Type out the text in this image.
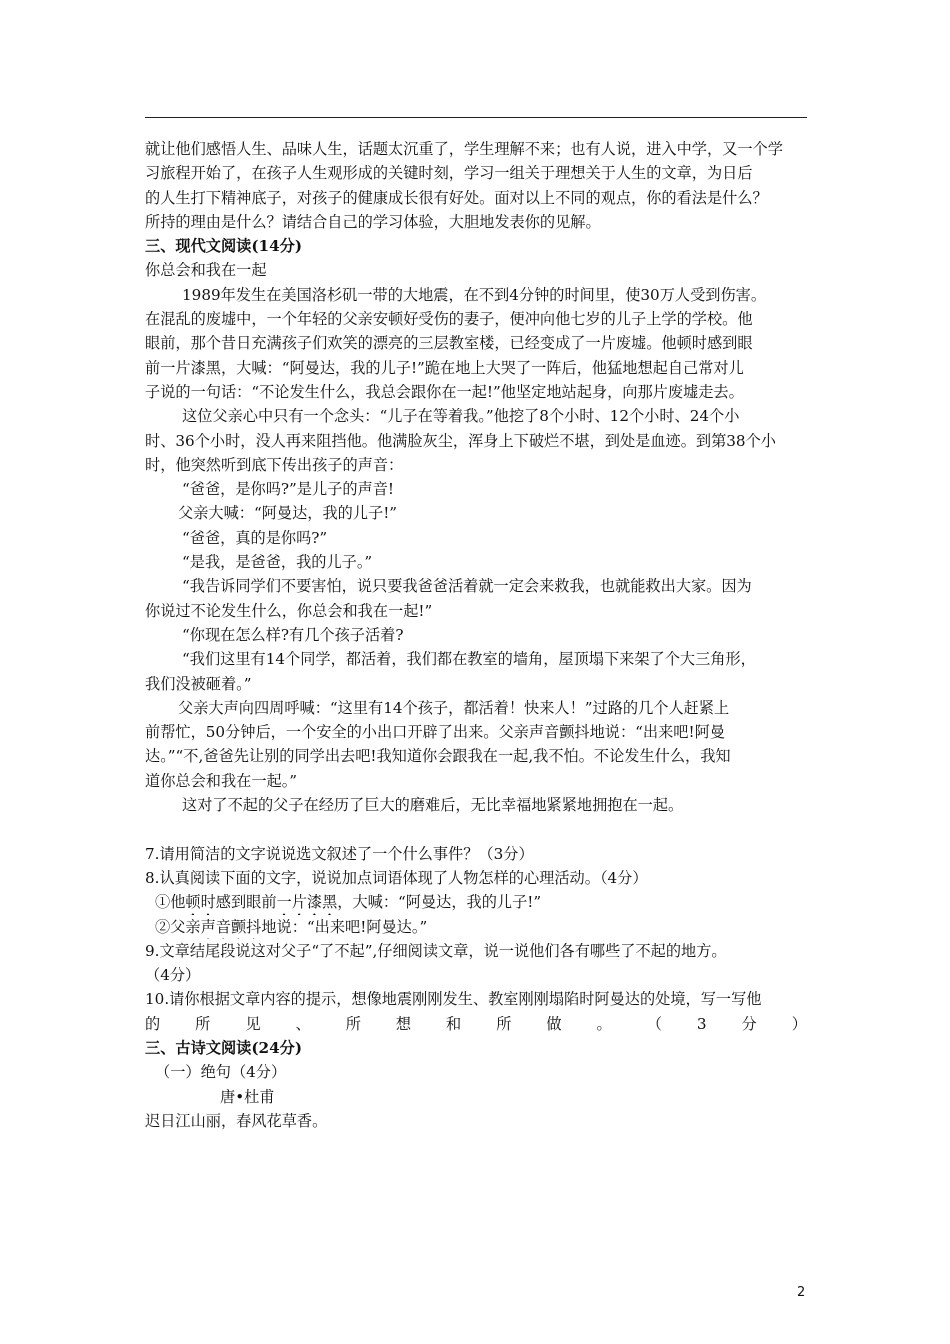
就让他们感悟人生、品味人生，话题太沉重了，学生理解不来；也有人说，进入中学，又一个学
习旅程开始了，在孩子人生观形成的关键时刻，学习一组关于理想关于人生的文章，为日后
的人生打下精神底子，对孩子的健康成长很有好处。面对以上不同的观点，你的看法是什么？
所持的理由是什么？请结合自己的学习体验，大胆地发表你的见解。
三、现代文阅读(14分)
你总会和我在一起
1989年发生在美国洛杉矶一带的大地震，在不到4分钟的时间里，使30万人受到伤害。
在混乱的废墟中，一个年轻的父亲安顿好受伤的妻子，便冲向他七岁的儿子上学的学校。他
眼前，那个昔日充满孩子们欢笑的漂亮的三层教室楼，已经变成了一片废墟。他顿时感到眼
前一片漆黑，大喊：“阿曼达，我的儿子!”跪在地上大哭了一阵后，他猛地想起自己常对儿
子说的一句话：“不论发生什么，我总会跟你在一起!”他坚定地站起身，向那片废墟走去。
这位父亲心中只有一个念头：“儿子在等着我。”他挖了8个小时、12个小时、24个小
时、36个小时，没人再来阻挡他。他满脸灰尘，浑身上下破烂不堪，到处是血迹。到第38个小
时，他突然听到底下传出孩子的声音：
“爸爸，是你吗?”是儿子的声音!
父亲大喊：“阿曼达，我的儿子!”
“爸爸，真的是你吗?”
“是我，是爸爸，我的儿子。”
“我告诉同学们不要害怕，说只要我爸爸活着就一定会来救我，也就能救出大家。因为
你说过不论发生什么，你总会和我在一起!”
“你现在怎么样?有几个孩子活着?
“我们这里有14个同学，都活着，我们都在教室的墙角，屋顶塌下来架了个大三角形，
我们没被砸着。”
父亲大声向四周呼喊：“这里有14个孩子，都活着！快来人！”过路的几个人赶紧上
前帮忙，50分钟后，一个安全的小出口开辟了出来。父亲声音颤抖地说：“出来吧!阿曼
达。”“不,爸爸先让别的同学出去吧!我知道你会跟我在一起,我不怕。不论发生什么，我知
道你总会和我在一起。”
这对了不起的父子在经历了巨大的磨难后，无比幸福地紧紧地拥抱在一起。
7.请用简洁的文字说说选文叙述了一个什么事件？（3分）
8.认真阅读下面的文字，说说加点词语体现了人物怎样的心理活动。（4分）
①他顿时感到眼前一片漆黑，大喊：“阿曼达，我的儿子!”
②父亲声音颤抖地说：“出来吧!阿曼达。”
9.文章结尾段说这对父子“了不起”,仔细阅读文章，说一说他们各有哪些了不起的地方。
（4分）
10.请你根据文章内容的提示，想像地震刚刚发生、教室刚刚塌陷时阿曼达的处境，写一写他
的 所 见 、 所 想 和 所 做 。 （ 3 分 ）
三、古诗文阅读(24分)
（一）绝句（4分）
唐•杜甫
迟日江山丽，春风花草香。
2
